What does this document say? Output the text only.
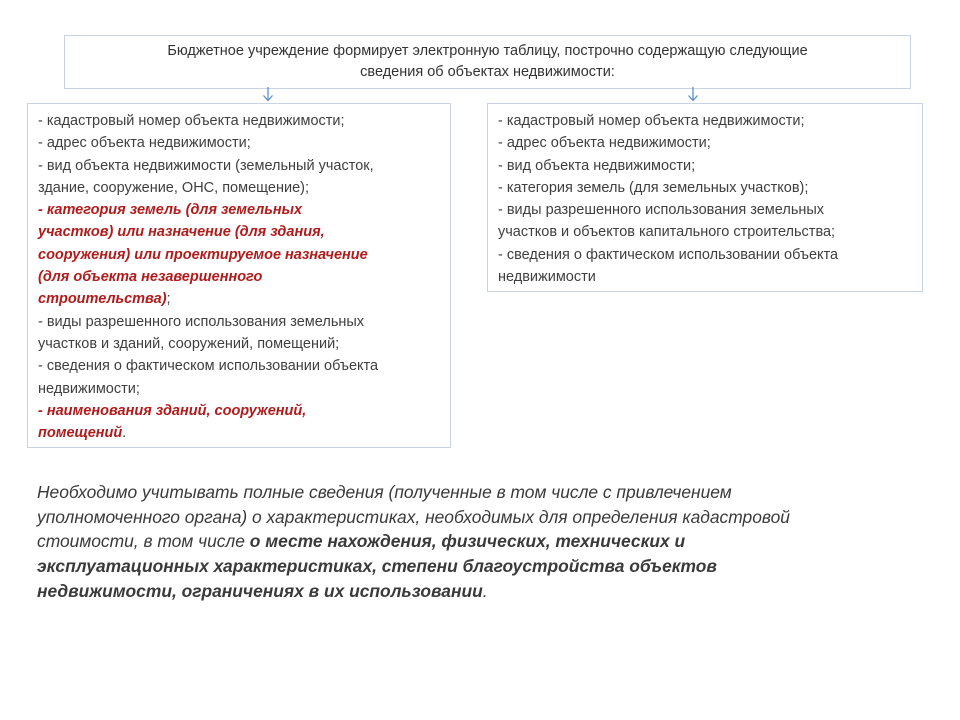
Бюджетное учреждение формирует электронную таблицу, построчно содержащую следующие
сведения об объектах недвижимости:
- кадастровый номер объекта недвижимости;
- адрес объекта недвижимости;
- вид объекта недвижимости (земельный участок,
здание, сооружение, ОНС, помещение);
- категория земель (для земельных
участков) или назначение (для здания,
сооружения) или проектируемое назначение
(для объекта незавершенного
строительства);
- виды разрешенного использования земельных
участков и зданий, сооружений, помещений;
- сведения о фактическом использовании объекта
недвижимости;
- наименования зданий, сооружений,
помещений.
- кадастровый номер объекта недвижимости;
- адрес объекта недвижимости;
- вид объекта недвижимости;
- категория земель (для земельных участков);
- виды разрешенного использования земельных
участков и объектов капитального строительства;
- сведения о фактическом использовании объекта
недвижимости
Необходимо учитывать полные сведения (полученные в том числе с привлечением
уполномоченного органа) о характеристиках, необходимых для определения кадастровой
стоимости, в том числе о месте нахождения, физических, технических и
эксплуатационных характеристиках, степени благоустройства объектов
недвижимости, ограничениях в их использовании.
